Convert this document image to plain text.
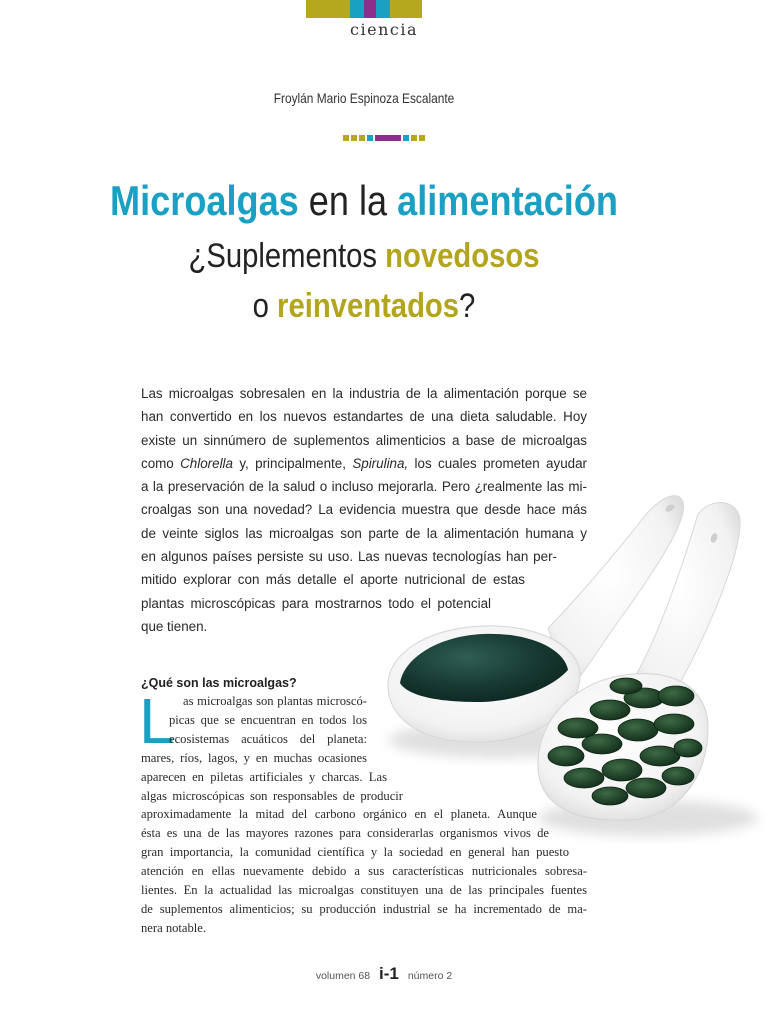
ciencia
Froylán Mario Espinoza Escalante
Microalgas en la alimentación
¿Suplementos novedosos
o reinventados?
Las microalgas sobresalen en la industria de la alimentación porque se
han convertido en los nuevos estandartes de una dieta saludable. Hoy
existe un sinnúmero de suplementos alimenticios a base de microalgas
como Chlorella y, principalmente, Spirulina, los cuales prometen ayudar
a la preservación de la salud o incluso mejorarla. Pero ¿realmente las mi-
croalgas son una novedad? La evidencia muestra que desde hace más
de veinte siglos las microalgas son parte de la alimentación humana y
en algunos países persiste su uso. Las nuevas tecnologías han per-
mitido explorar con más detalle el aporte nutricional de estas
plantas microscópicas para mostrarnos todo el potencial
que tienen.
¿Qué son las microalgas?
L as microalgas son plantas microscó-
picas que se encuentran en todos los
ecosistemas acuáticos del planeta:
mares, ríos, lagos, y en muchas ocasiones
aparecen en piletas artificiales y charcas. Las
algas microscópicas son responsables de producir
aproximadamente la mitad del carbono orgánico en el planeta. Aunque
ésta es una de las mayores razones para considerarlas organismos vivos de
gran importancia, la comunidad científica y la sociedad en general han puesto
atención en ellas nuevamente debido a sus características nutricionales sobresa-
lientes. En la actualidad las microalgas constituyen una de las principales fuentes
de suplementos alimenticios; su producción industrial se ha incrementado de ma-
nera notable.
volumen 68 i-1 número 2
